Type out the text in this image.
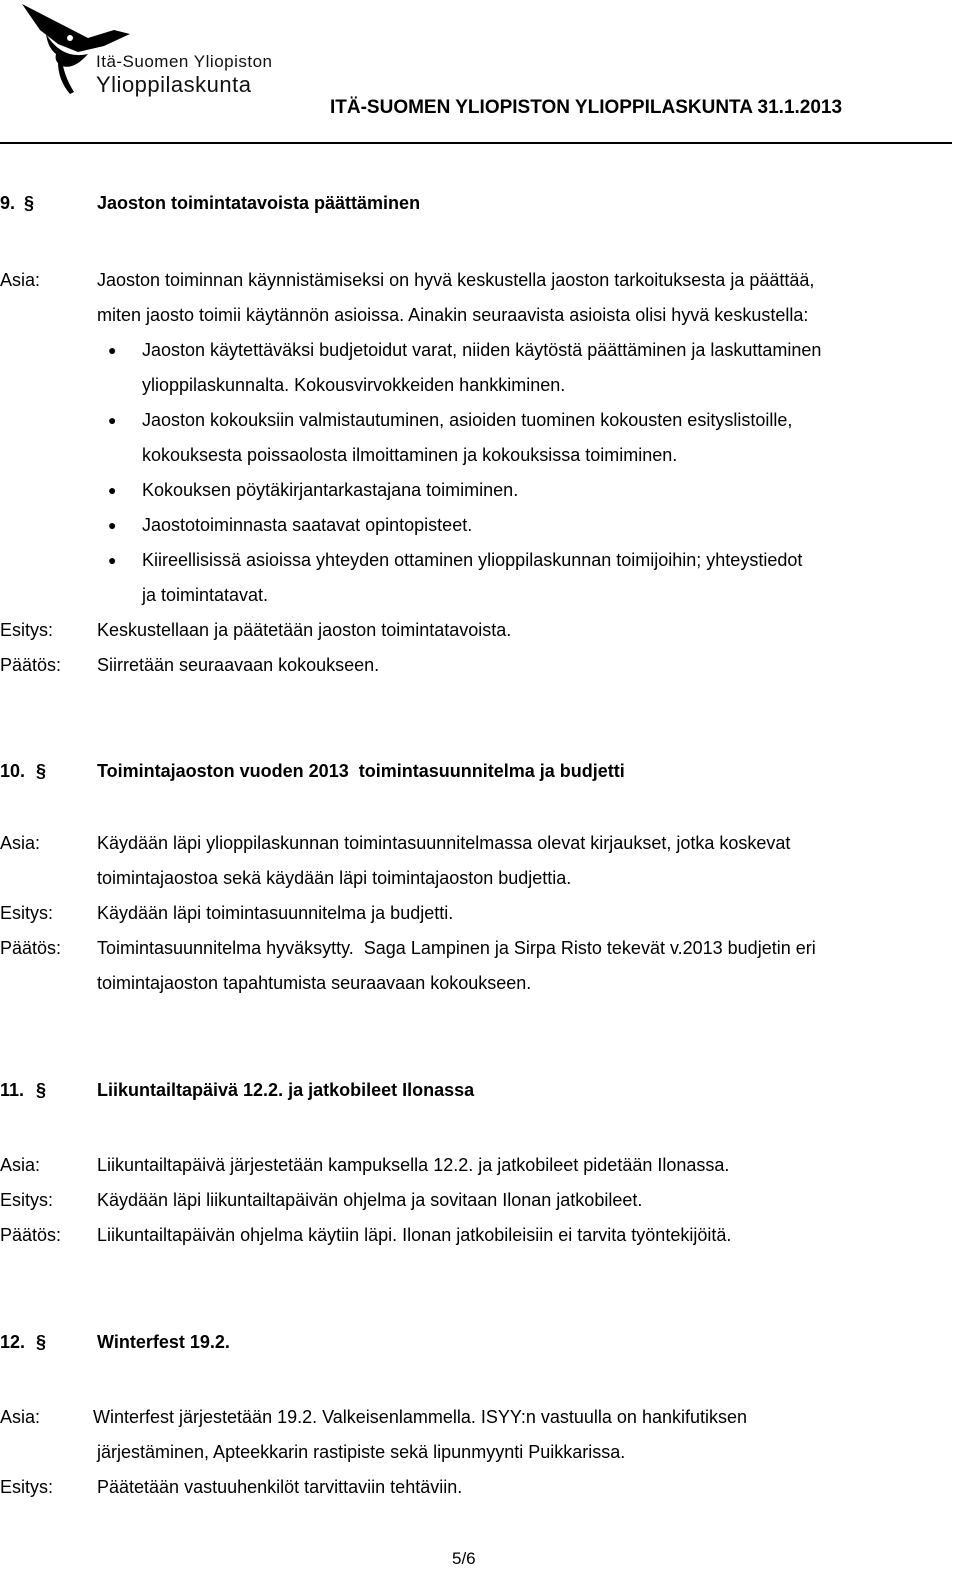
Itä-Suomen Yliopiston
Ylioppilaskunta
ITÄ-SUOMEN YLIOPISTON YLIOPPILASKUNTA 31.1.2013
9. §	Jaoston toimintatavoista päättäminen
Asia:	Jaoston toiminnan käynnistämiseksi on hyvä keskustella jaoston tarkoituksesta ja päättää,
miten jaosto toimii käytännön asioissa. Ainakin seuraavista asioista olisi hyvä keskustella:
● Jaoston käytettäväksi budjetoidut varat, niiden käytöstä päättäminen ja laskuttaminen
ylioppilaskunnalta. Kokousvirvokkeiden hankkiminen.
● Jaoston kokouksiin valmistautuminen, asioiden tuominen kokousten esityslistoille,
kokouksesta poissaolosta ilmoittaminen ja kokouksissa toimiminen.
● Kokouksen pöytäkirjantarkastajana toimiminen.
● Jaostotoiminnasta saatavat opintopisteet.
● Kiireellisissä asioissa yhteyden ottaminen ylioppilaskunnan toimijoihin; yhteystiedot
ja toimintatavat.
Esitys: Keskustellaan ja päätetään jaoston toimintatavoista.
Päätös: Siirretään seuraavaan kokoukseen.
10. §	Toimintajaoston vuoden 2013  toimintasuunnitelma ja budjetti
Asia:	Käydään läpi ylioppilaskunnan toimintasuunnitelmassa olevat kirjaukset, jotka koskevat
toimintajaostoa sekä käydään läpi toimintajaoston budjettia.
Esitys: Käydään läpi toimintasuunnitelma ja budjetti.
Päätös: Toimintasuunnitelma hyväksytty.  Saga Lampinen ja Sirpa Risto tekevät v.2013 budjetin eri
toimintajaoston tapahtumista seuraavaan kokoukseen.
11. §	Liikuntailtapäivä 12.2. ja jatkobileet Ilonassa
Asia:	Liikuntailtapäivä järjestetään kampuksella 12.2. ja jatkobileet pidetään Ilonassa.
Esitys: Käydään läpi liikuntailtapäivän ohjelma ja sovitaan Ilonan jatkobileet.
Päätös: Liikuntailtapäivän ohjelma käytiin läpi. Ilonan jatkobileisiin ei tarvita työntekijöitä.
12. §	Winterfest 19.2.
Asia:	Winterfest järjestetään 19.2. Valkeisenlammella. ISYY:n vastuulla on hankifutiksen
järjestäminen, Apteekkarin rastipiste sekä lipunmyynti Puikkarissa.
Esitys: Päätetään vastuuhenkilöt tarvittaviin tehtäviin.
5/6
